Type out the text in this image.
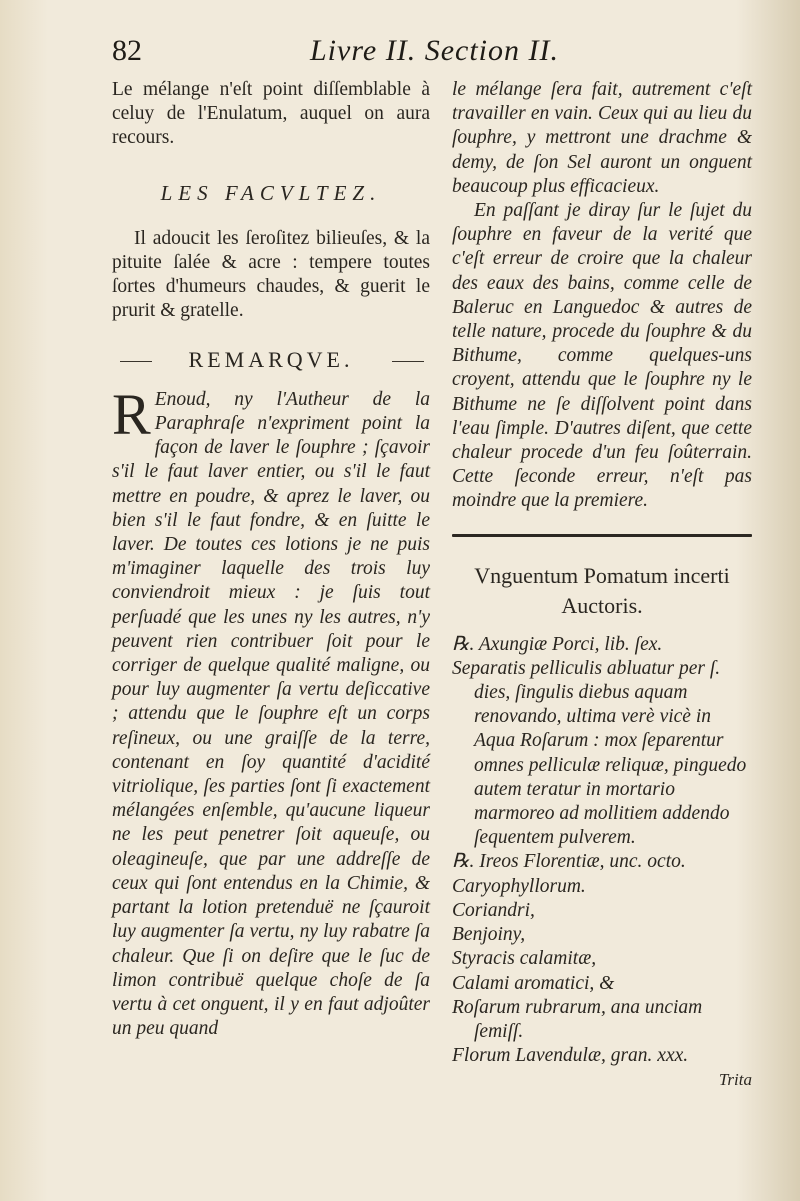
82	Livre II. Section II.

Le mélange n'eſt point diſſemblable à celuy de l'Enulatum, auquel on aura recours.

LES FACVLTEZ.

Il adoucit les ſeroſitez bilieuſes, & la pituite ſalée & acre : tempere toutes ſortes d'humeurs chaudes, & guerit le prurit & gratelle.

REMARQVE.

R Enoud, ny l'Autheur de la Paraphraſe n'expriment point la façon de laver le ſouphre ; ſçavoir s'il le faut laver entier, ou s'il le faut mettre en poudre, & aprez le laver, ou bien s'il le faut fondre, & en ſuitte le laver. De toutes ces lotions je ne puis m'imaginer laquelle des trois luy conviendroit mieux : je ſuis tout perſuadé que les unes ny les autres, n'y peuvent rien contribuer ſoit pour le corriger de quelque qualité maligne, ou pour luy augmenter ſa vertu deſiccative ; attendu que le ſouphre eſt un corps reſineux, ou une graiſſe de la terre, contenant en ſoy quantité d'acidité vitriolique, ſes parties ſont ſi exactement mélangées enſemble, qu'aucune liqueur ne les peut penetrer ſoit aqueuſe, ou oleagineuſe, que par une addreſſe de ceux qui ſont entendus en la Chimie, & partant la lotion pretenduë ne ſçauroit luy augmenter ſa vertu, ny luy rabatre ſa chaleur. Que ſi on deſire que le ſuc de limon contribuë quelque choſe de ſa vertu à cet onguent, il y en faut adjoûter un peu quand

le mélange ſera fait, autrement c'eſt travailler en vain. Ceux qui au lieu du ſouphre, y mettront une drachme & demy, de ſon Sel auront un onguent beaucoup plus efficacieux.

En paſſant je diray ſur le ſujet du ſouphre en faveur de la verité que c'eſt erreur de croire que la chaleur des eaux des bains, comme celle de Baleruc en Languedoc & autres de telle nature, procede du ſouphre & du Bithume, comme quelques-uns croyent, attendu que le ſouphre ny le Bithume ne ſe diſſolvent point dans l'eau ſimple. D'autres diſent, que cette chaleur procede d'un feu ſoûterrain. Cette ſeconde erreur, n'eſt pas moindre que la premiere.

Vnguentum Pomatum incerti
Auctoris.

℞. Axungiæ Porci, lib. ſex.

Separatis pelliculis abluatur per ſ. dies, ſingulis diebus aquam renovando, ultima verè vicè in Aqua Roſarum : mox ſeparentur omnes pelliculæ reliquæ, pinguedo autem teratur in mortario marmoreo ad mollitiem addendo ſequentem pulverem.

℞. Ireos Florentiæ, unc. octo.

Caryophyllorum.

Coriandri,

Benjoiny,

Styracis calamitæ,

Calami aromatici, &

Roſarum rubrarum, ana unciam ſemiſſ.

Florum Lavendulæ, gran. xxx.

Trita
